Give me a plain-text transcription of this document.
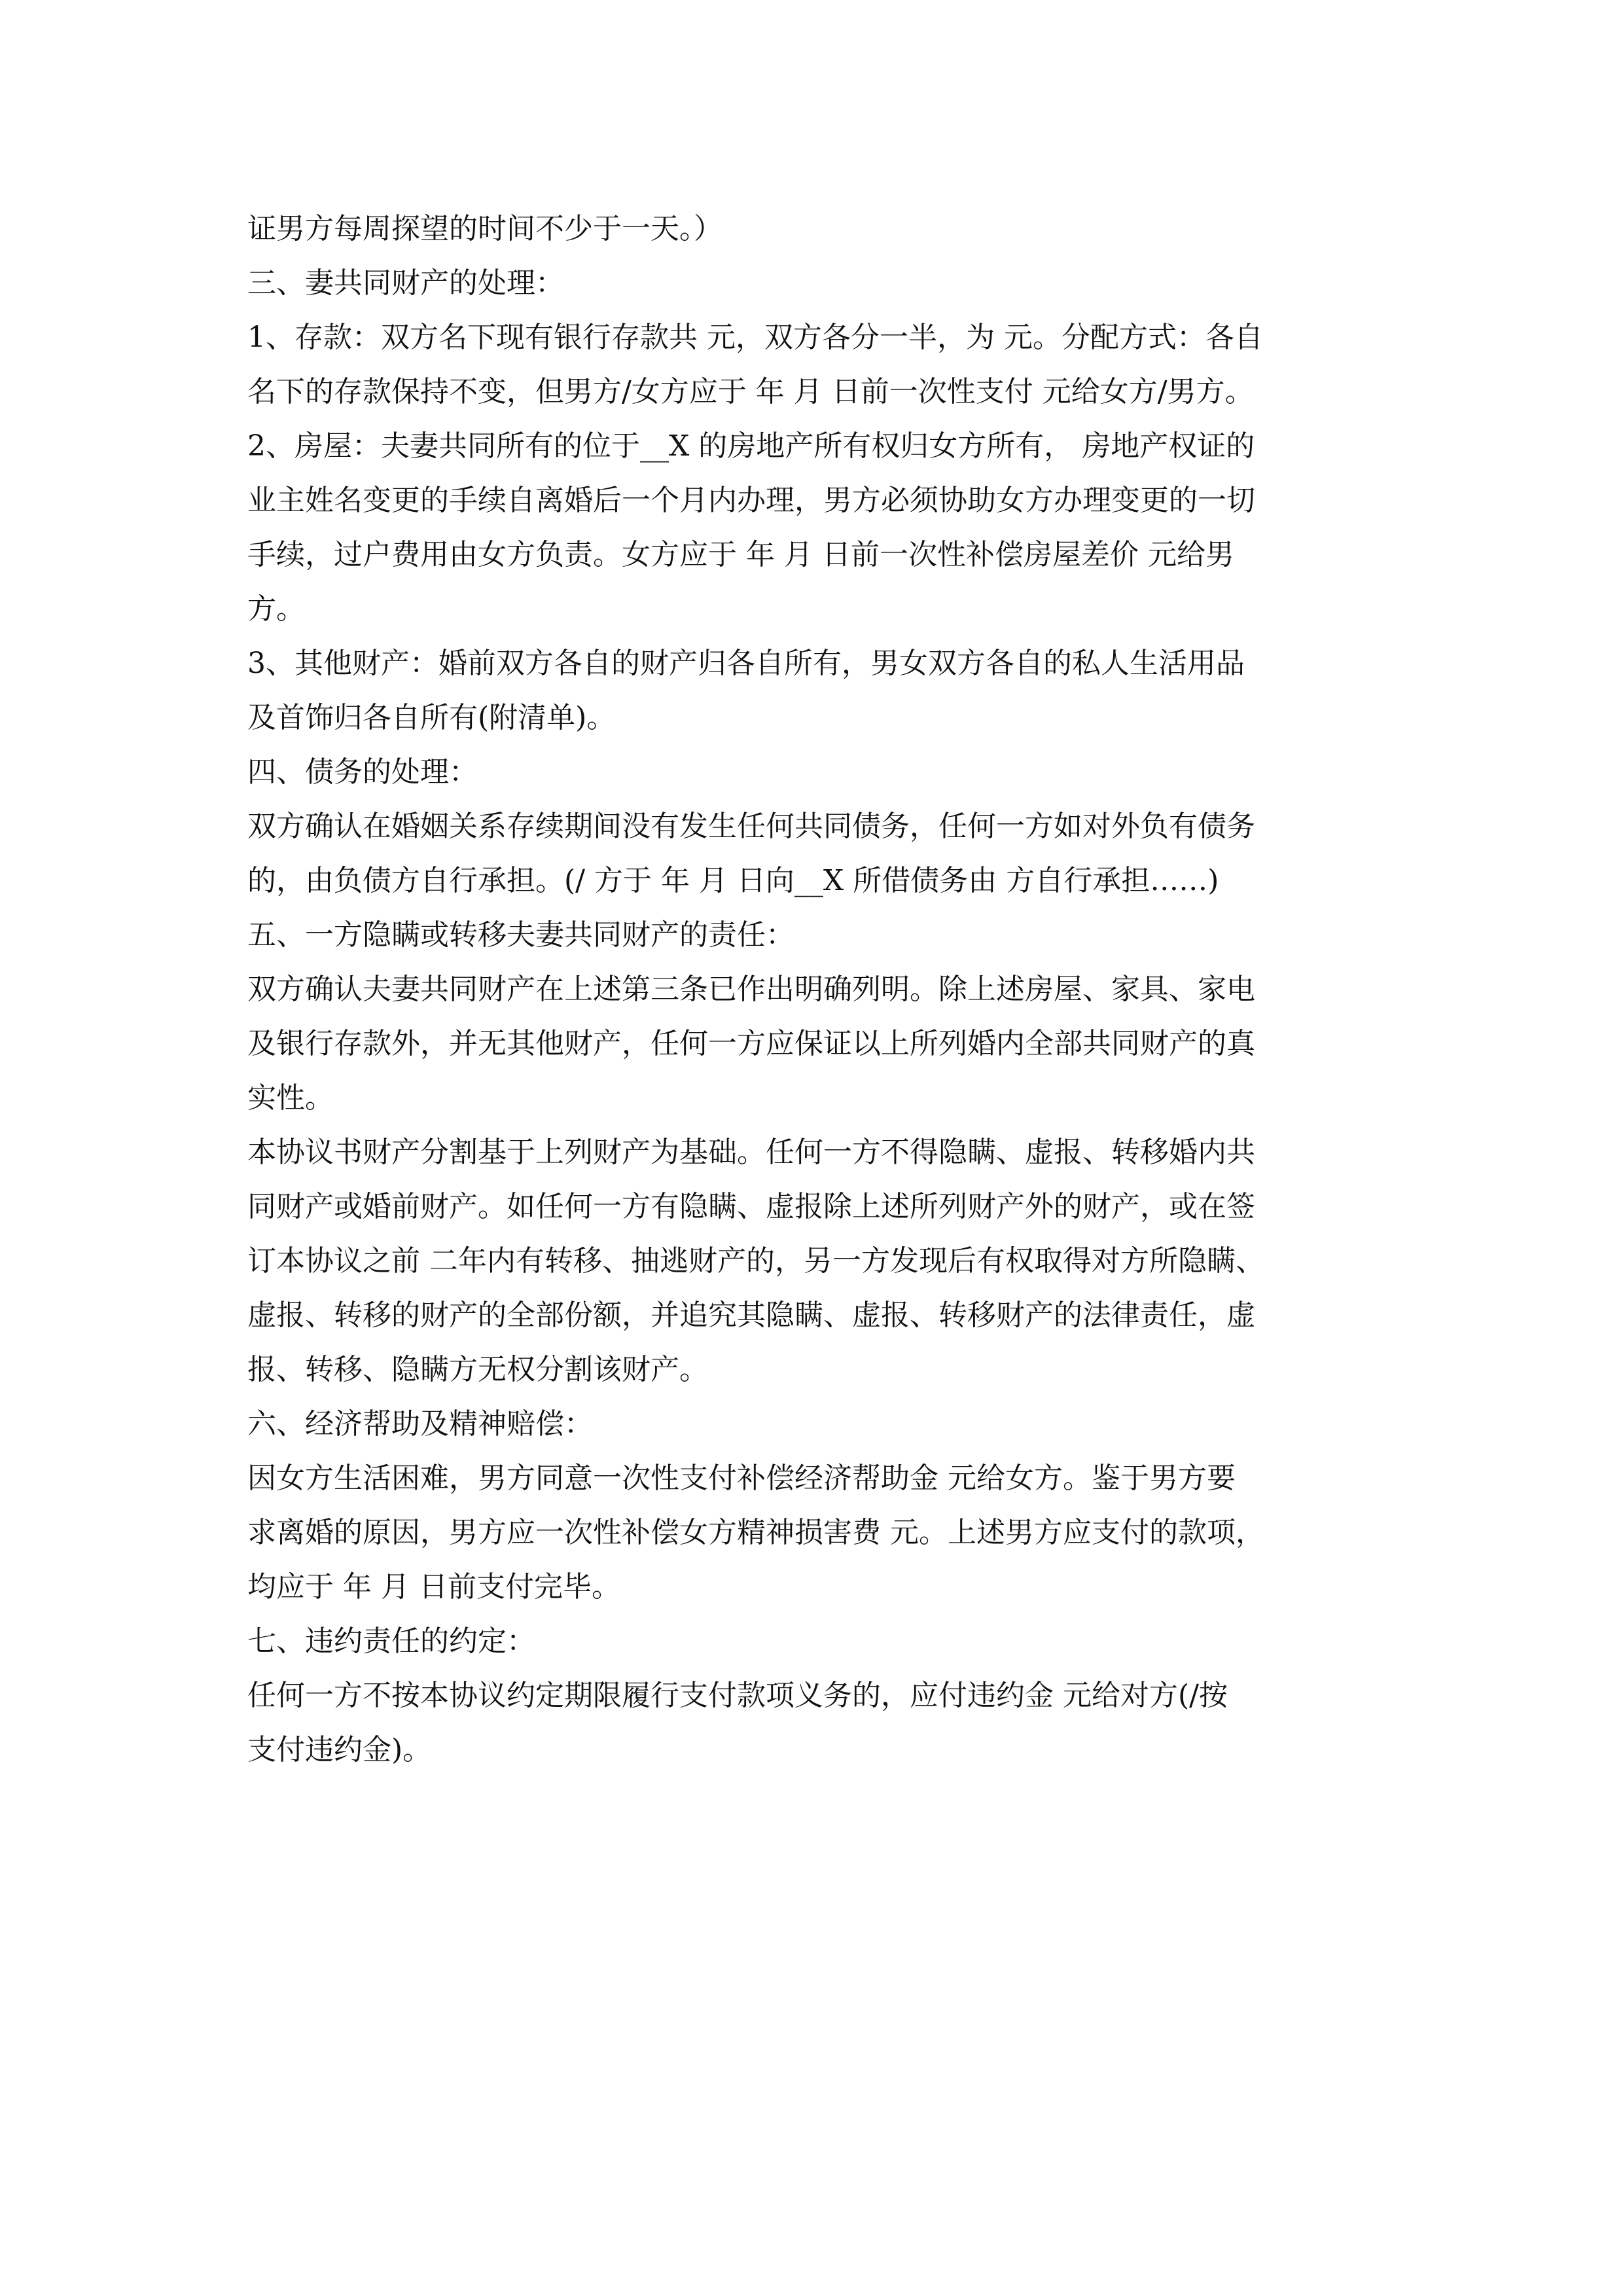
证男方每周探望的时间不少于一天。）
三、妻共同财产的处理：
1、存款：双方名下现有银行存款共 元，双方各分一半，为 元。分配方式：各自
名下的存款保持不变，但男方/女方应于 年 月 日前一次性支付 元给女方/男方。
2、房屋：夫妻共同所有的位于__X 的房地产所有权归女方所有， 房地产权证的
业主姓名变更的手续自离婚后一个月内办理，男方必须协助女方办理变更的一切
手续，过户费用由女方负责。女方应于 年 月 日前一次性补偿房屋差价 元给男
方。
3、其他财产：婚前双方各自的财产归各自所有，男女双方各自的私人生活用品
及首饰归各自所有(附清单)。
四、债务的处理：
双方确认在婚姻关系存续期间没有发生任何共同债务，任何一方如对外负有债务
的，由负债方自行承担。(/ 方于 年 月 日向__X 所借债务由 方自行承担……)
五、一方隐瞒或转移夫妻共同财产的责任：
双方确认夫妻共同财产在上述第三条已作出明确列明。除上述房屋、家具、家电
及银行存款外，并无其他财产，任何一方应保证以上所列婚内全部共同财产的真
实性。
本协议书财产分割基于上列财产为基础。任何一方不得隐瞒、虚报、转移婚内共
同财产或婚前财产。如任何一方有隐瞒、虚报除上述所列财产外的财产，或在签
订本协议之前 二年内有转移、抽逃财产的，另一方发现后有权取得对方所隐瞒、
虚报、转移的财产的全部份额，并追究其隐瞒、虚报、转移财产的法律责任，虚
报、转移、隐瞒方无权分割该财产。
六、经济帮助及精神赔偿：
因女方生活困难，男方同意一次性支付补偿经济帮助金 元给女方。鉴于男方要
求离婚的原因，男方应一次性补偿女方精神损害费 元。上述男方应支付的款项，
均应于 年 月 日前支付完毕。
七、违约责任的约定：
任何一方不按本协议约定期限履行支付款项义务的，应付违约金 元给对方(/按
支付违约金)。
